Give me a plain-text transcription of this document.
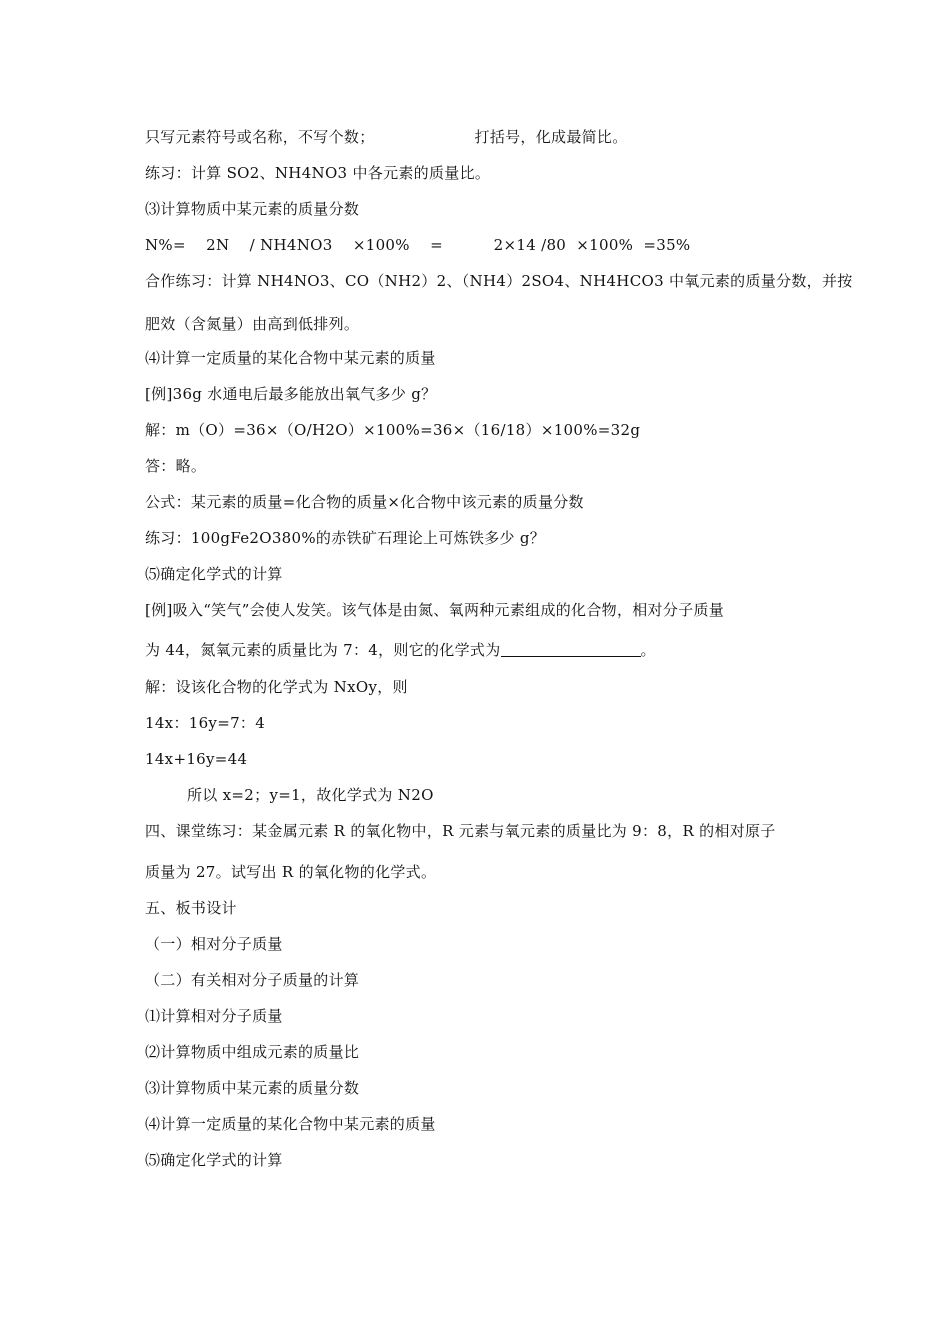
只写元素符号或名称，不写个数；	打括号，化成最简比。
练习：计算 SO2、NH4NO3 中各元素的质量比。
⑶计算物质中某元素的质量分数
N%=    2N    / NH4NO3    ×100%    =          2×14 /80  ×100%  =35%
合作练习：计算 NH4NO3、CO（NH2）2、（NH4）2SO4、NH4HCO3 中氧元素的质量分数，并按
肥效（含氮量）由高到低排列。
⑷计算一定质量的某化合物中某元素的质量
[例]36g 水通电后最多能放出氧气多少 g？
解：m（O）=36×（O/H2O）×100%=36×（16/18）×100%=32g
答：略。
公式：某元素的质量=化合物的质量×化合物中该元素的质量分数
练习：100gFe2O380%的赤铁矿石理论上可炼铁多少 g？
⑸确定化学式的计算
[例]吸入“笑气”会使人发笑。该气体是由氮、氧两种元素组成的化合物，相对分子质量
为 44，氮氧元素的质量比为 7：4，则它的化学式为	。
解：设该化合物的化学式为 NxOy，则
14x：16y=7：4
14x+16y=44
所以 x=2；y=1，故化学式为 N2O
四、课堂练习：某金属元素 R 的氧化物中，R 元素与氧元素的质量比为 9：8，R 的相对原子
质量为 27。试写出 R 的氧化物的化学式。
五、板书设计
（一）相对分子质量
（二）有关相对分子质量的计算
⑴计算相对分子质量
⑵计算物质中组成元素的质量比
⑶计算物质中某元素的质量分数
⑷计算一定质量的某化合物中某元素的质量
⑸确定化学式的计算
